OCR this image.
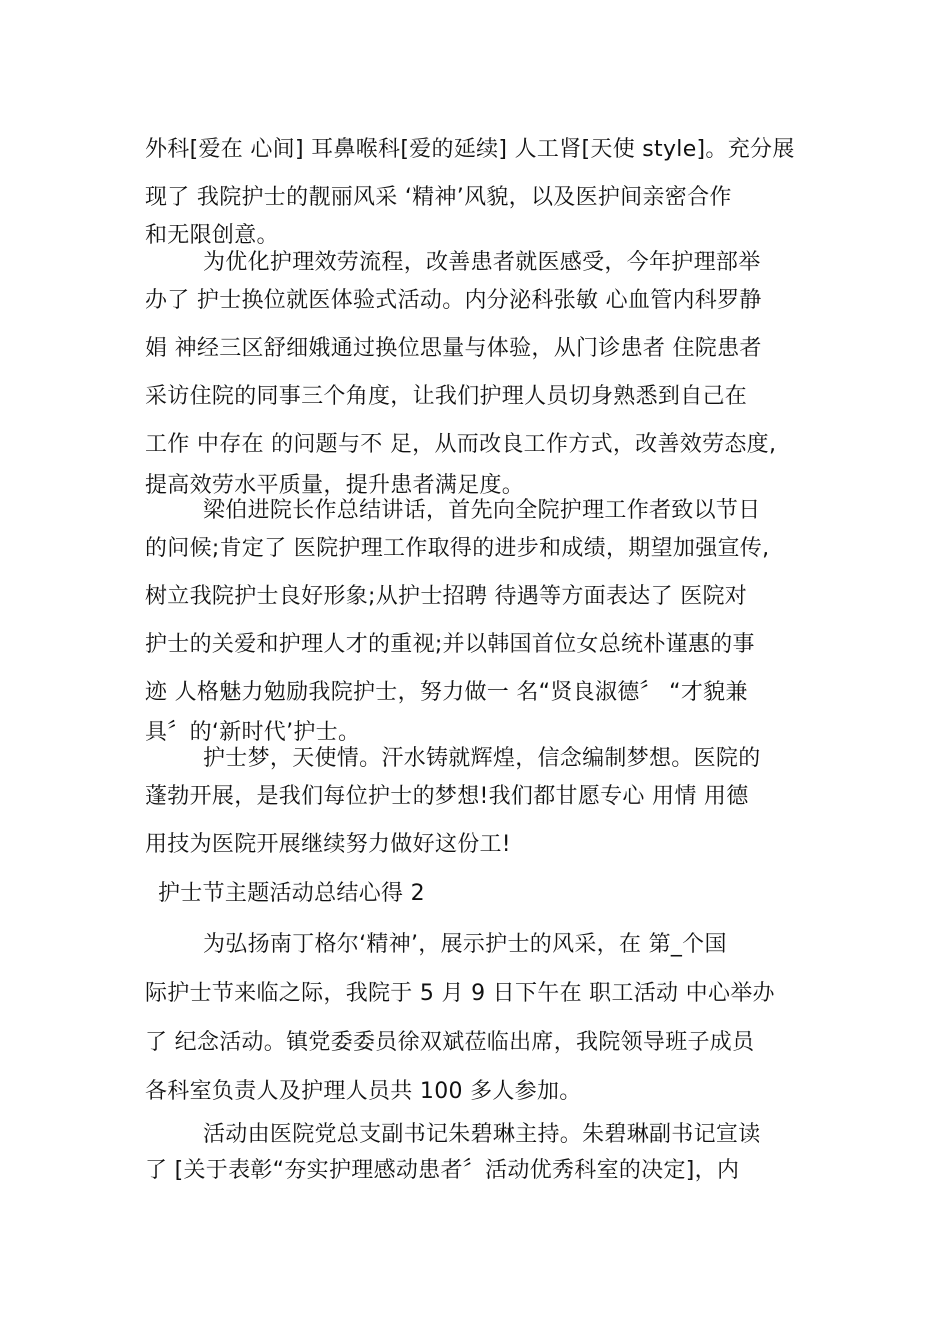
外科[爱在 心间] 耳鼻喉科[爱的延续] 人工肾[天使 style]。充分展
现了 我院护士的靓丽风采 ‘精神’风貌，以及医护间亲密合作
和无限创意。
为优化护理效劳流程，改善患者就医感受，今年护理部举
办了 护士换位就医体验式活动。内分泌科张敏 心血管内科罗静
娟 神经三区舒细娥通过换位思量与体验，从门诊患者 住院患者
采访住院的同事三个角度，让我们护理人员切身熟悉到自己在
工作 中存在 的问题与不 足，从而改良工作方式，改善效劳态度,
提高效劳水平质量，提升患者满足度。
梁伯进院长作总结讲话，首先向全院护理工作者致以节日
的问候;肯定了 医院护理工作取得的进步和成绩，期望加强宣传,
树立我院护士良好形象;从护士招聘 待遇等方面表达了 医院对
护士的关爱和护理人才的重视;并以韩国首位女总统朴谨惠的事
迹 人格魅力勉励我院护士，努力做一 名“贤良淑德〞 “才貌兼
具〞的‘新时代’护士。
护士梦，天使情。汗水铸就辉煌，信念编制梦想。医院的
蓬勃开展，是我们每位护士的梦想!我们都甘愿专心 用情 用德
用技为医院开展继续努力做好这份工!
护士节主题活动总结心得 2
为弘扬南丁格尔‘精神’，展示护士的风采，在 第_个国
际护士节来临之际，我院于 5 月 9 日下午在 职工活动 中心举办
了 纪念活动。镇党委委员徐双斌莅临出席，我院领导班子成员
各科室负责人及护理人员共 100 多人参加。
活动由医院党总支副书记朱碧琳主持。朱碧琳副书记宣读
了 [关于表彰“夯实护理感动患者〞活动优秀科室的决定]，内
